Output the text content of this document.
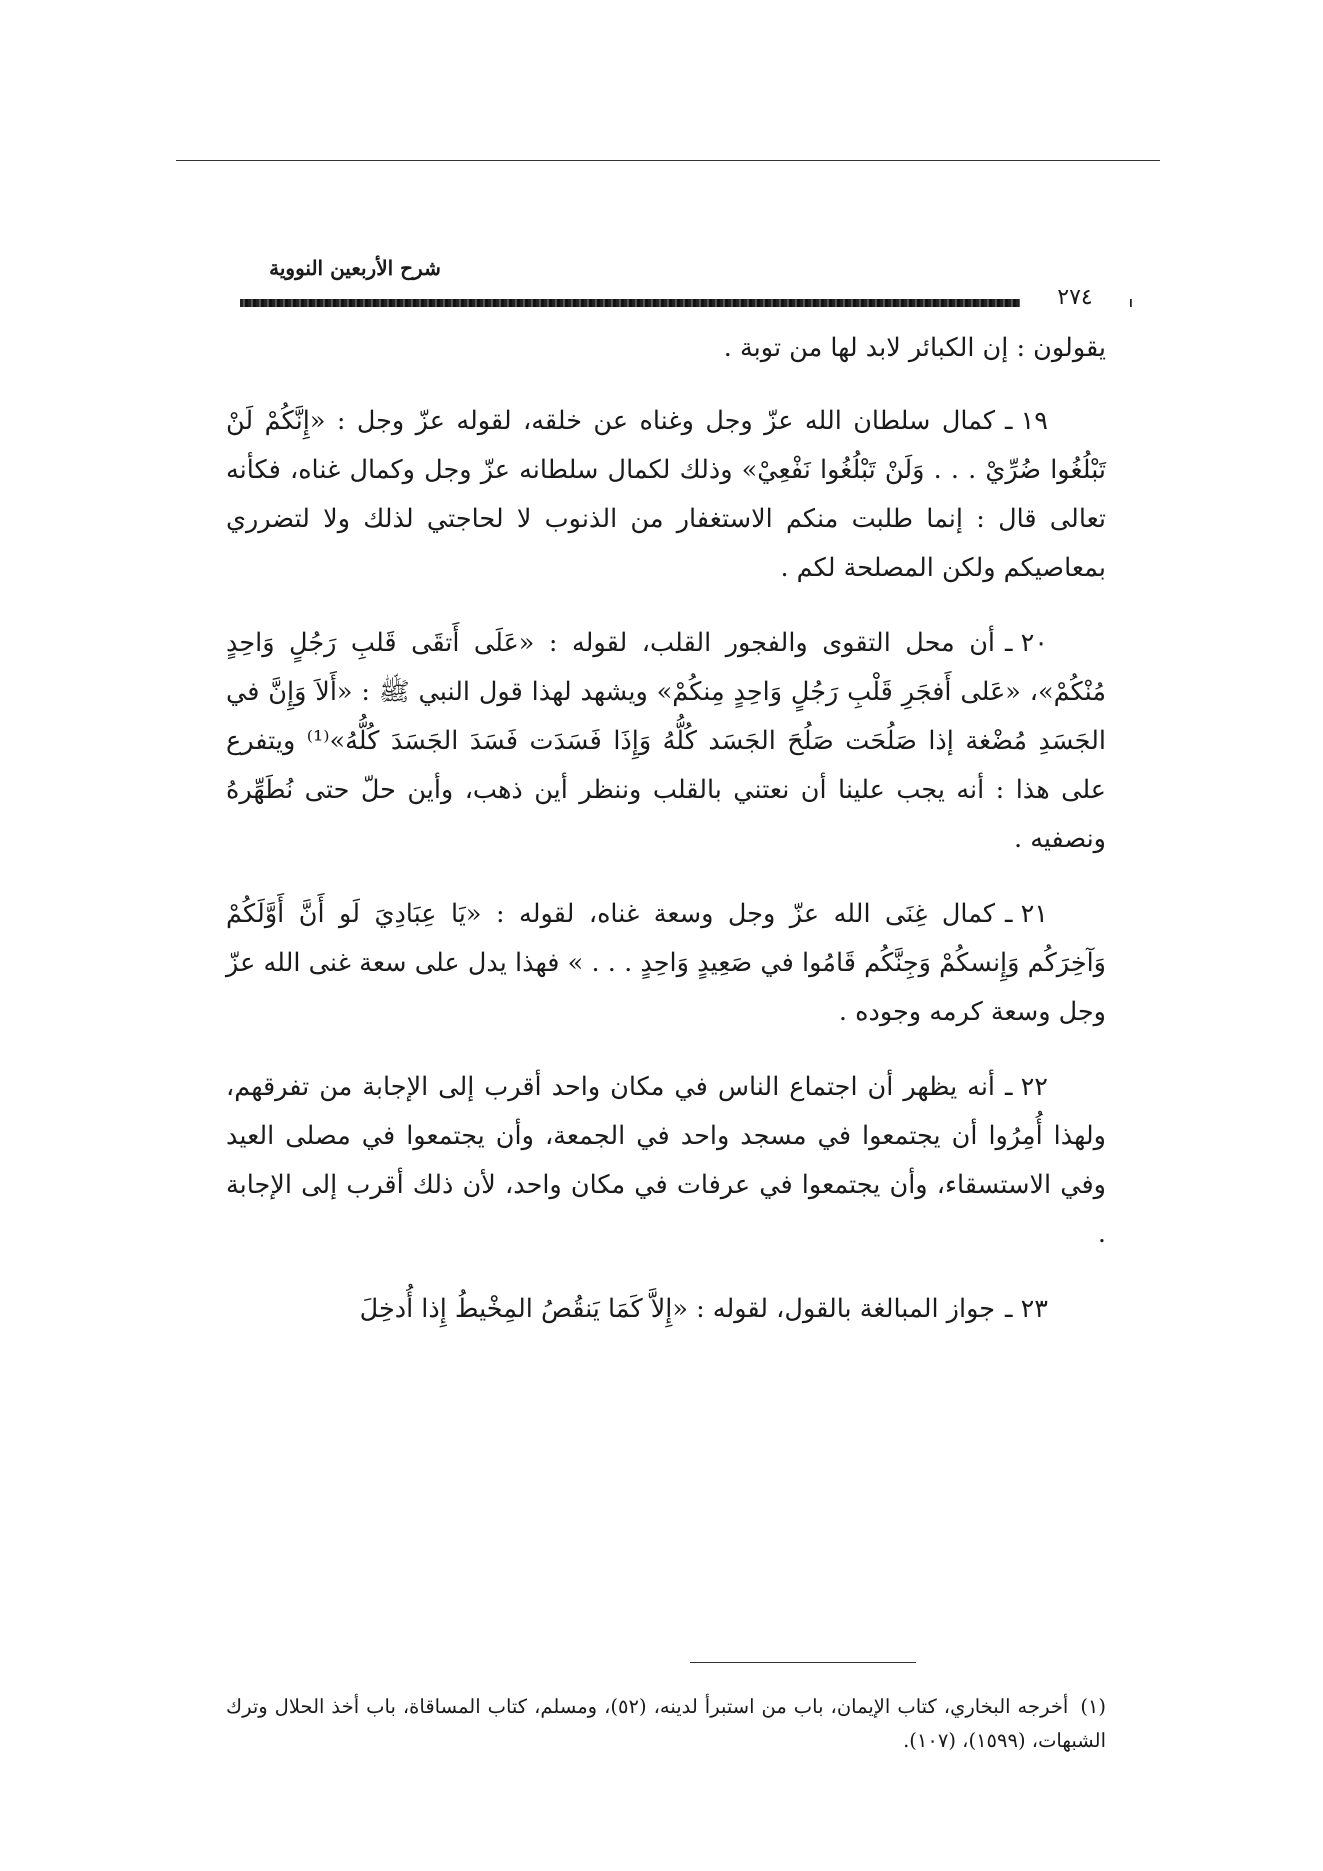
شرح الأربعين النووية
٢٧٤

يقولون : إن الكبائر لابد لها من توبة .

١٩ ـكمال سلطان الله عزّ وجل وغناه عن خلقه، لقوله عزّ وجل : «إِنَّكُمْ لَنْ تَبْلُغُوا ضُرِّيْ . . . وَلَنْ تَبْلُغُوا نَفْعِيْ» وذلك لكمال سلطانه عزّ وجل وكمال غناه، فكأنه تعالى قال : إنما طلبت منكم الاستغفار من الذنوب لا لحاجتي لذلك ولا لتضرري بمعاصيكم ولكن المصلحة لكم .

٢٠ ـأن محل التقوى والفجور القلب، لقوله : «عَلَى أَتقَى قَلبِ رَجُلٍ وَاحِدٍ مُنْكُمْ»، «عَلى أَفجَرِ قَلْبِ رَجُلٍ وَاحِدٍ مِنكُمْ» ويشهد لهذا قول النبي ﷺ : «أَلاَ وَإِنَّ في الجَسَدِ مُضْغة إذا صَلُحَت صَلُحَ الجَسَد كُلُّهُ وَإِذَا فَسَدَت فَسَدَ الجَسَدَ كُلُّهُ»⁽¹⁾ ويتفرع على هذا : أنه يجب علينا أن نعتني بالقلب وننظر أين ذهب، وأين حلّ حتى نُطَهِّرهُ ونصفيه .

٢١ ـكمال غِنَى الله عزّ وجل وسعة غناه، لقوله : «يَا عِبَادِيَ لَو أَنَّ أَوَّلَكُمْ وَآخِرَكُم وَإِنسكُمْ وَجِنَّكُم قَامُوا في صَعِيدٍ وَاحِدٍ . . . » فهذا يدل على سعة غنى الله عزّ وجل وسعة كرمه وجوده .

٢٢ ـأنه يظهر أن اجتماع الناس في مكان واحد أقرب إلى الإجابة من تفرقهم، ولهذا أُمِرُوا أن يجتمعوا في مسجد واحد في الجمعة، وأن يجتمعوا في مصلى العيد وفي الاستسقاء، وأن يجتمعوا في عرفات في مكان واحد، لأن ذلك أقرب إلى الإجابة .

٢٣ ـجواز المبالغة بالقول، لقوله : «إِلاَّ كَمَا يَنقُصُ المِخْيطُ إِذا أُدخِلَ

(١)أخرجه البخاري، كتاب الإيمان، باب من استبرأ لدينه، (٥٢)، ومسلم، كتاب المساقاة، باب أخذ الحلال وترك الشبهات، (١٥٩٩)، (١٠٧).
